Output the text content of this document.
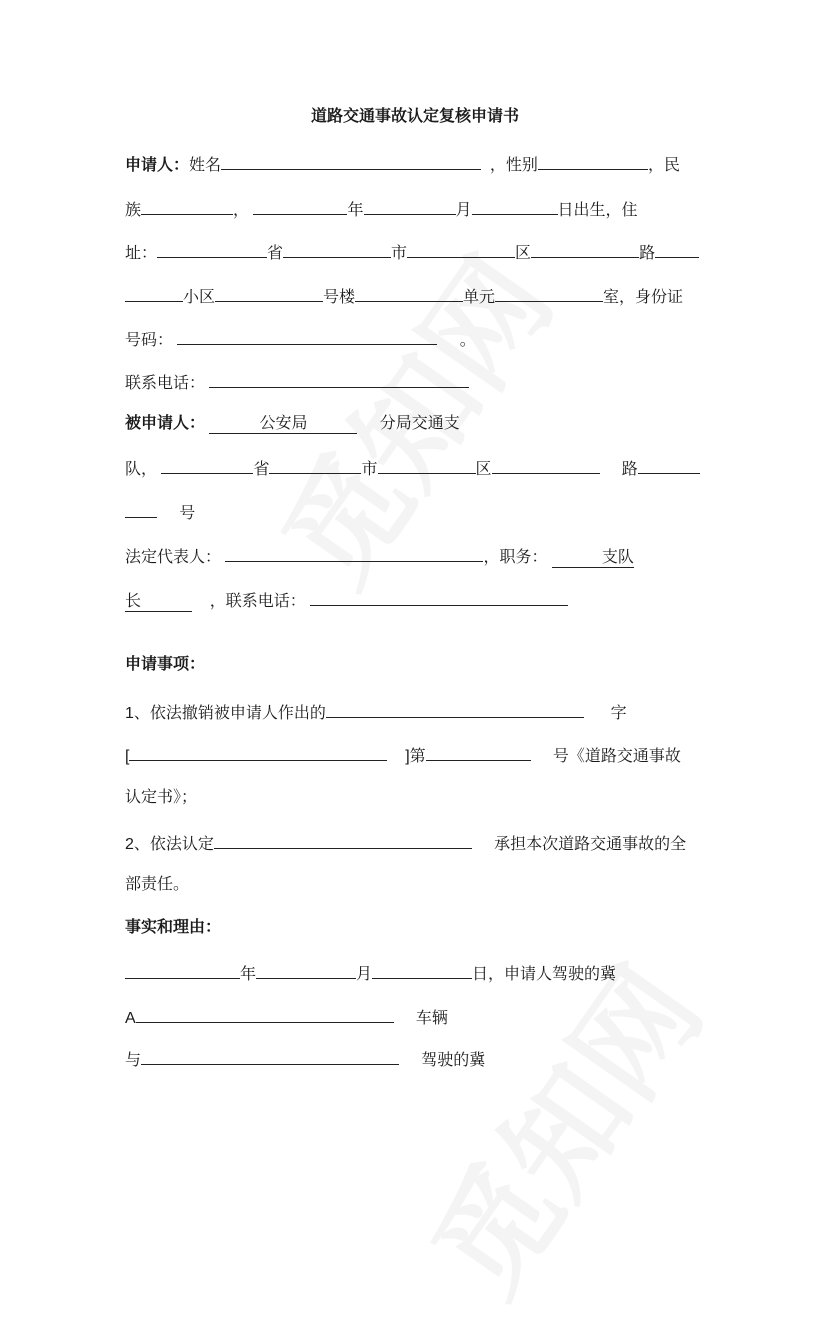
道路交通事故认定复核申请书
申请人：姓名	，性别	，民
族	，	年	月	日出生，住
址：	省	市	区	路
小区	号楼	单元	室，身份证
号码：	。
联系电话：
被申请人：	公安局	分局交通支
队，	省	市	区	路
号
法定代表人：	，职务：	支队
长	，联系电话：
申请事项：
1、依法撤销被申请人作出的	字
[	]第	号《道路交通事故
认定书》；
2、依法认定	承担本次道路交通事故的全
部责任。
事实和理由：
年	月	日，申请人驾驶的冀
A	车辆
与	驾驶的冀
